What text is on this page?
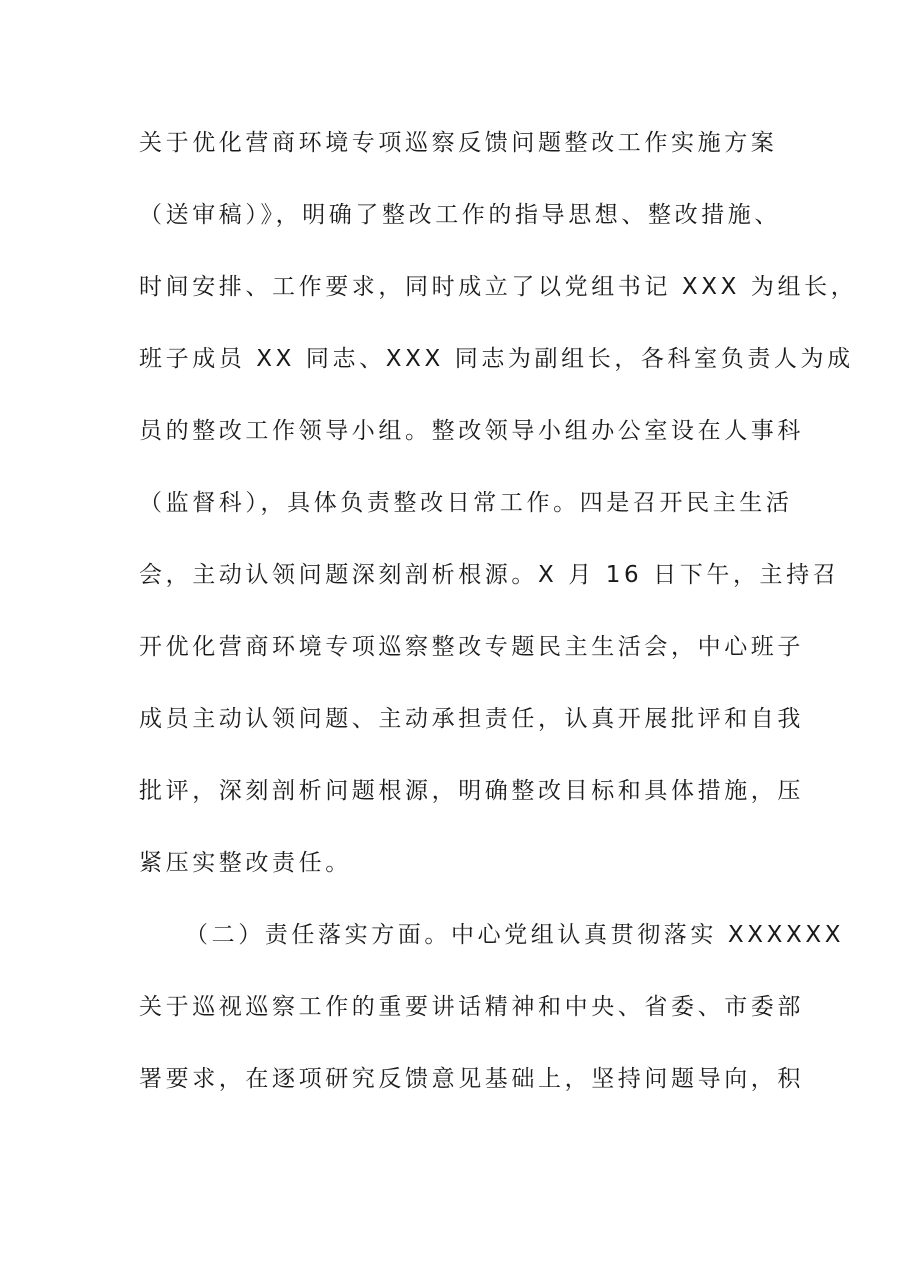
关于优化营商环境专项巡察反馈问题整改工作实施方案
（送审稿）》，明确了整改工作的指导思想、整改措施、
时间安排、工作要求，同时成立了以党组书记 XXX 为组长，
班子成员 XX 同志、XXX 同志为副组长，各科室负责人为成
员的整改工作领导小组。整改领导小组办公室设在人事科
（监督科），具体负责整改日常工作。四是召开民主生活
会，主动认领问题深刻剖析根源。X 月 16 日下午，主持召
开优化营商环境专项巡察整改专题民主生活会，中心班子
成员主动认领问题、主动承担责任，认真开展批评和自我
批评，深刻剖析问题根源，明确整改目标和具体措施，压
紧压实整改责任。
（二）责任落实方面。中心党组认真贯彻落实 XXXXXX
关于巡视巡察工作的重要讲话精神和中央、省委、市委部
署要求，在逐项研究反馈意见基础上，坚持问题导向，积
